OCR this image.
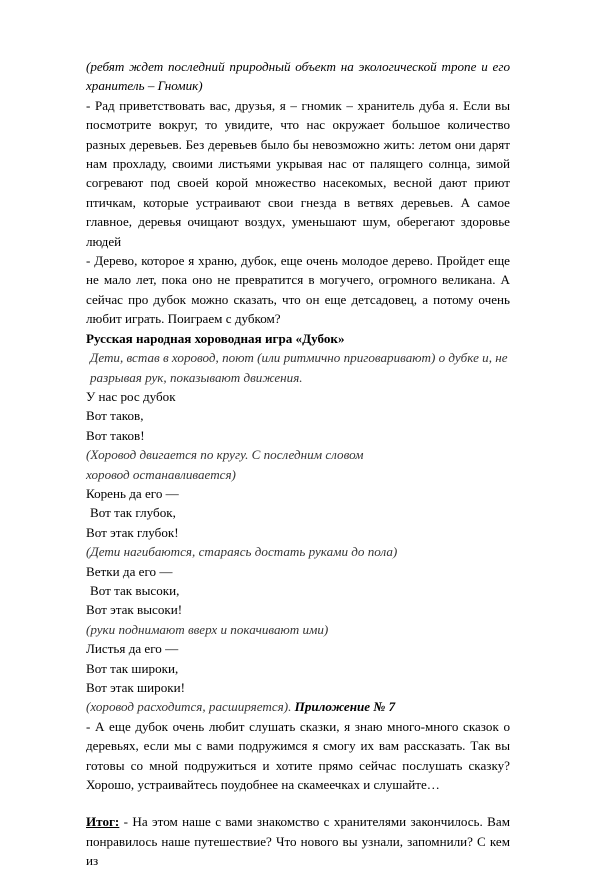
(ребят ждет последний природный объект на экологической тропе и его хранитель – Гномик)

- Рад приветствовать вас, друзья, я – гномик – хранитель дуба я. Если вы посмотрите вокруг, то увидите, что нас окружает большое количество разных деревьев. Без деревьев было бы невозможно жить: летом они дарят нам прохладу, своими листьями укрывая нас от палящего солнца, зимой согревают под своей корой множество насекомых, весной дают приют птичкам, которые устраивают свои гнезда в ветвях деревьев. А самое главное, деревья очищают воздух, уменьшают шум, оберегают здоровье людей

- Дерево, которое я храню, дубок, еще очень молодое дерево. Пройдет еще не мало лет, пока оно не превратится в могучего, огромного великана. А сейчас про дубок можно сказать, что он еще детсадовец, а потому очень любит играть. Поиграем с дубком?

Русская народная хороводная игра «Дубок»

Дети, встав в хоровод, поют (или ритмично приговаривают) о дубке и, не разрывая рук, показывают движения.

У нас рос дубок

Вот таков,

Вот таков!

(Хоровод двигается по кругу. С последним словом хоровод останавливается)

Корень да его —

Вот так глубок,

Вот этак глубок!

(Дети нагибаются, стараясь достать руками до пола)

Ветки да его —

Вот так высоки,

Вот этак высоки!

(руки поднимают вверх и покачивают ими)

Листья да его —

Вот так широки,

Вот этак широки!

(хоровод расходится, расширяется). Приложение № 7

- А еще дубок очень любит слушать сказки, я знаю много-много сказок о деревьях, если мы с вами подружимся я смогу их вам рассказать. Так вы готовы со мной подружиться и хотите прямо сейчас послушать сказку? Хорошо, устраивайтесь поудобнее на скамеечках и слушайте…

Итог: - На этом наше с вами знакомство с хранителями закончилось. Вам понравилось наше путешествие? Что нового вы узнали, запомнили? С кем из
